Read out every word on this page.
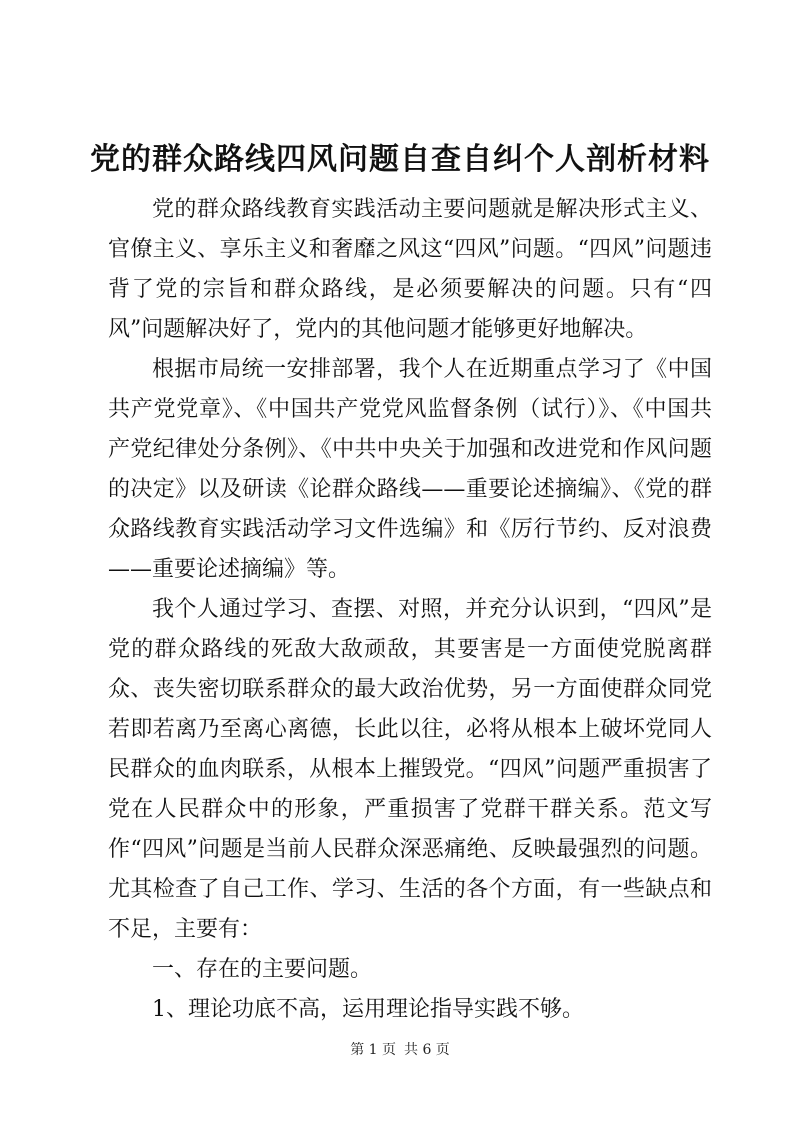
党的群众路线四风问题自查自纠个人剖析材料

党的群众路线教育实践活动主要问题就是解决形式主义、官僚主义、享乐主义和奢靡之风这“四风”问题。“四风”问题违背了党的宗旨和群众路线，是必须要解决的问题。只有“四风”问题解决好了，党内的其他问题才能够更好地解决。

根据市局统一安排部署，我个人在近期重点学习了《中国共产党党章》、《中国共产党党风监督条例（试行）》、《中国共产党纪律处分条例》、《中共中央关于加强和改进党和作风问题的决定》以及研读《论群众路线——重要论述摘编》、《党的群众路线教育实践活动学习文件选编》和《厉行节约、反对浪费——重要论述摘编》等。

我个人通过学习、查摆、对照，并充分认识到，“四风”是党的群众路线的死敌大敌顽敌，其要害是一方面使党脱离群众、丧失密切联系群众的最大政治优势，另一方面使群众同党若即若离乃至离心离德，长此以往，必将从根本上破坏党同人民群众的血肉联系，从根本上摧毁党。“四风”问题严重损害了党在人民群众中的形象，严重损害了党群干群关系。范文写作“四风”问题是当前人民群众深恶痛绝、反映最强烈的问题。尤其检查了自己工作、学习、生活的各个方面，有一些缺点和不足，主要有：

一、存在的主要问题。

1、理论功底不高，运用理论指导实践不够。

第 1 页 共 6 页
